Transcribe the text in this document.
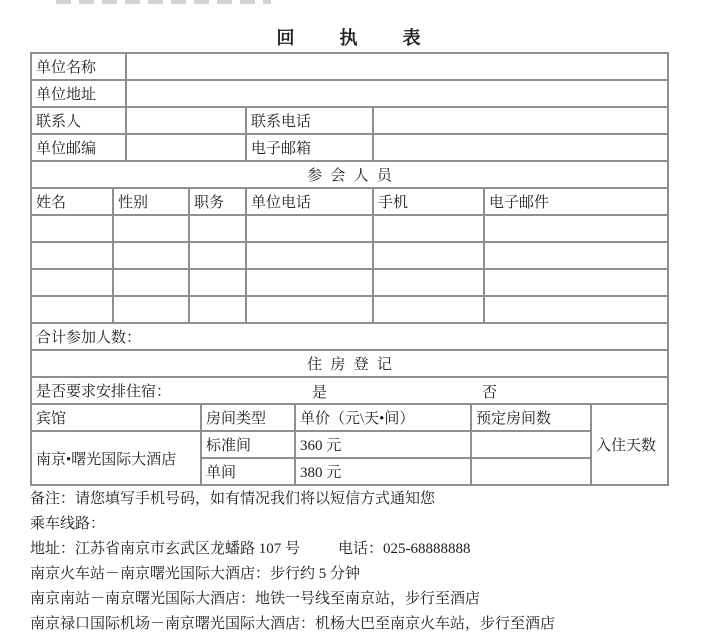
回执表
单位名称										
单位地址										
联系人					联系电话					
单位邮编					电子邮箱					
参会人员										
姓名	性别		职务		单位电话		手机		电子邮件	

合计参加人数：										
住房登记										
是否要求安排住宿： 是 否										

宾馆				房间类型		单价（元\天•间）		预定房间数		入住天数
南京•曙光国际大酒店				标准间		360 元				
				单间		380 元				
备注：请您填写手机号码，如有情况我们将以短信方式通知您
乘车线路：
地址：江苏省南京市玄武区龙蟠路 107 号	电话：025-68888888
南京火车站－南京曙光国际大酒店：步行约 5 分钟
南京南站－南京曙光国际大酒店：地铁一号线至南京站，步行至酒店
南京禄口国际机场－南京曙光国际大酒店：机杨大巴至南京火车站，步行至酒店
